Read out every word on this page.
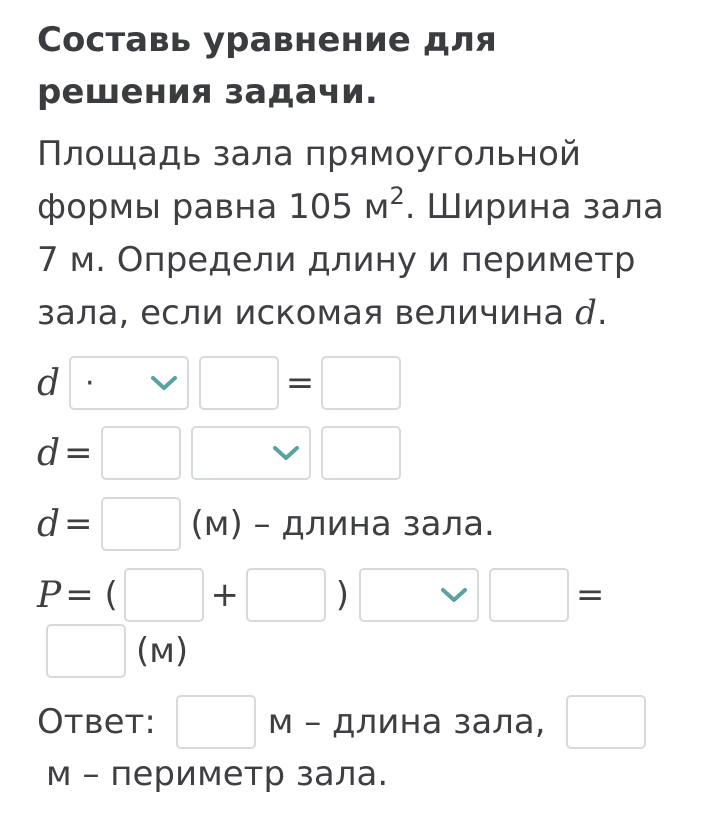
Составь уравнение для решения задачи.
Площадь зала прямоугольной
формы равна 105 $м^2$. Ширина зала
7 м. Определи длину и периметр
зала, если искомая величина d.
d ·	=
d =
d =	(м) – длина зала.
P = (	+	)	=
(м)
Ответ:	м – длина зала,
м – периметр зала.
